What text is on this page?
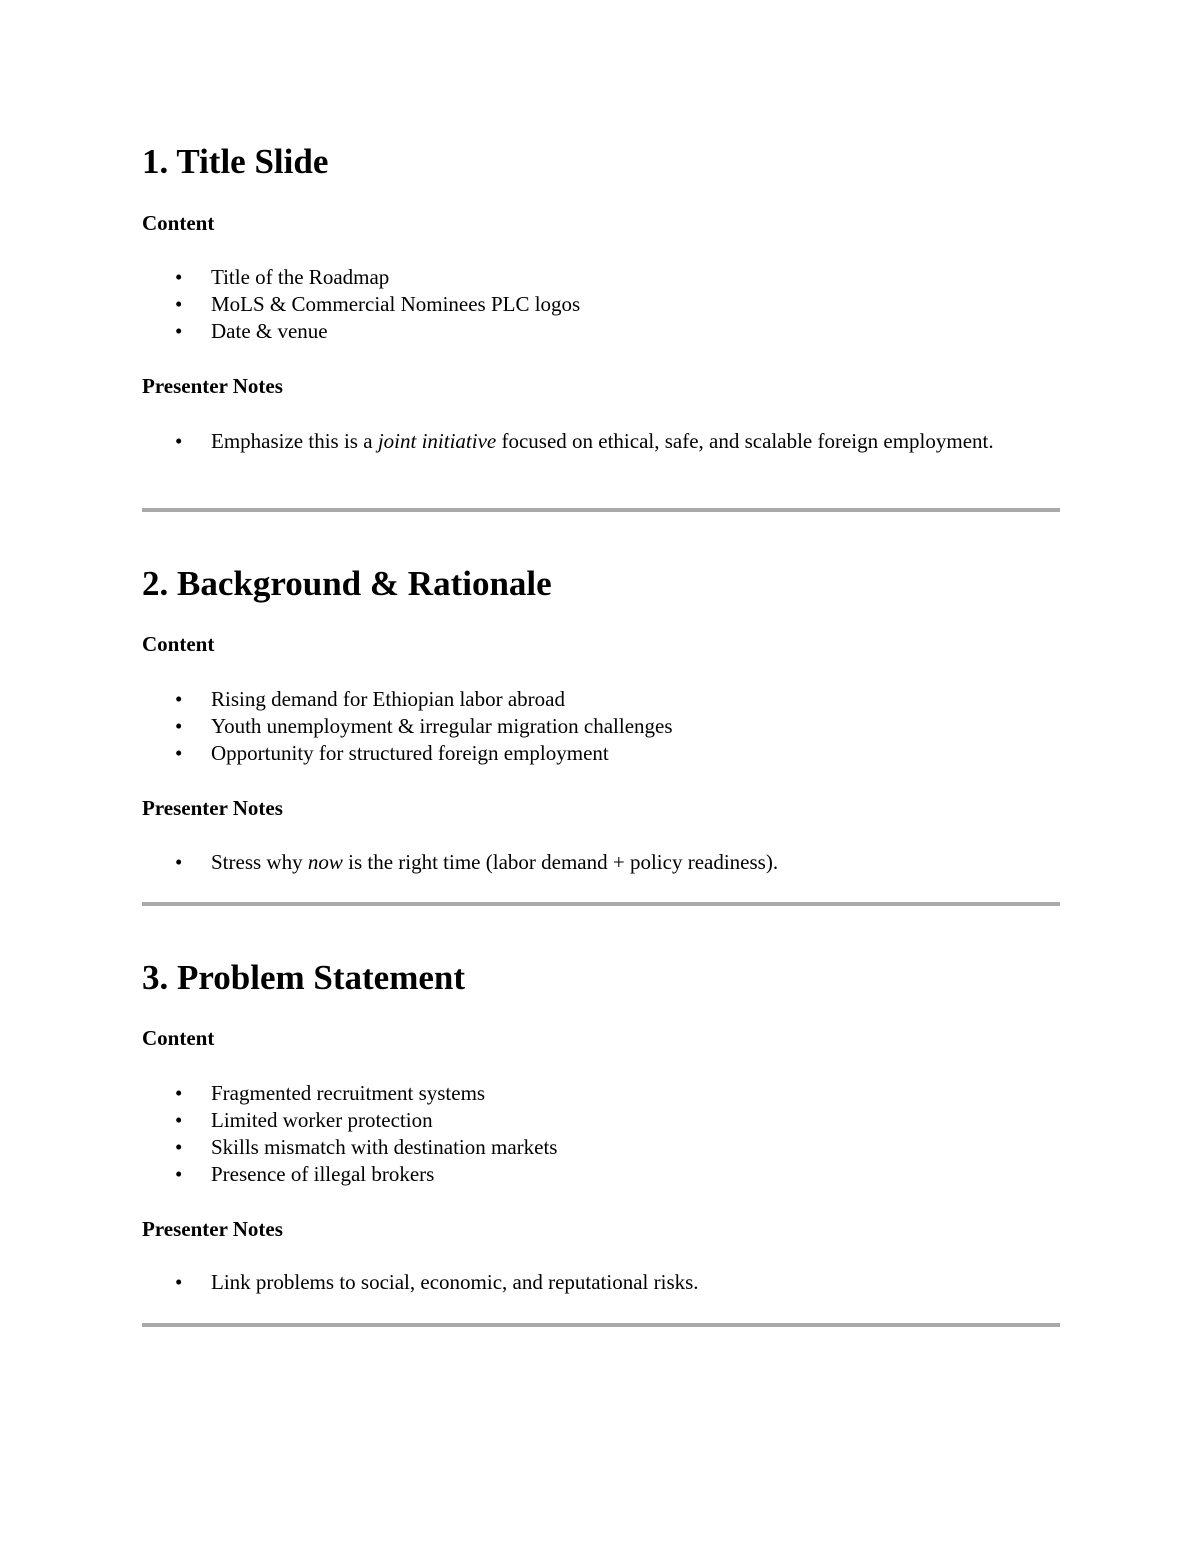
1. Title Slide
Content
• Title of the Roadmap
• MoLS & Commercial Nominees PLC logos
• Date & venue
Presenter Notes
• Emphasize this is a joint initiative focused on ethical, safe, and scalable foreign employment.
2. Background & Rationale
Content
• Rising demand for Ethiopian labor abroad
• Youth unemployment & irregular migration challenges
• Opportunity for structured foreign employment
Presenter Notes
• Stress why now is the right time (labor demand + policy readiness).
3. Problem Statement
Content
• Fragmented recruitment systems
• Limited worker protection
• Skills mismatch with destination markets
• Presence of illegal brokers
Presenter Notes
• Link problems to social, economic, and reputational risks.
